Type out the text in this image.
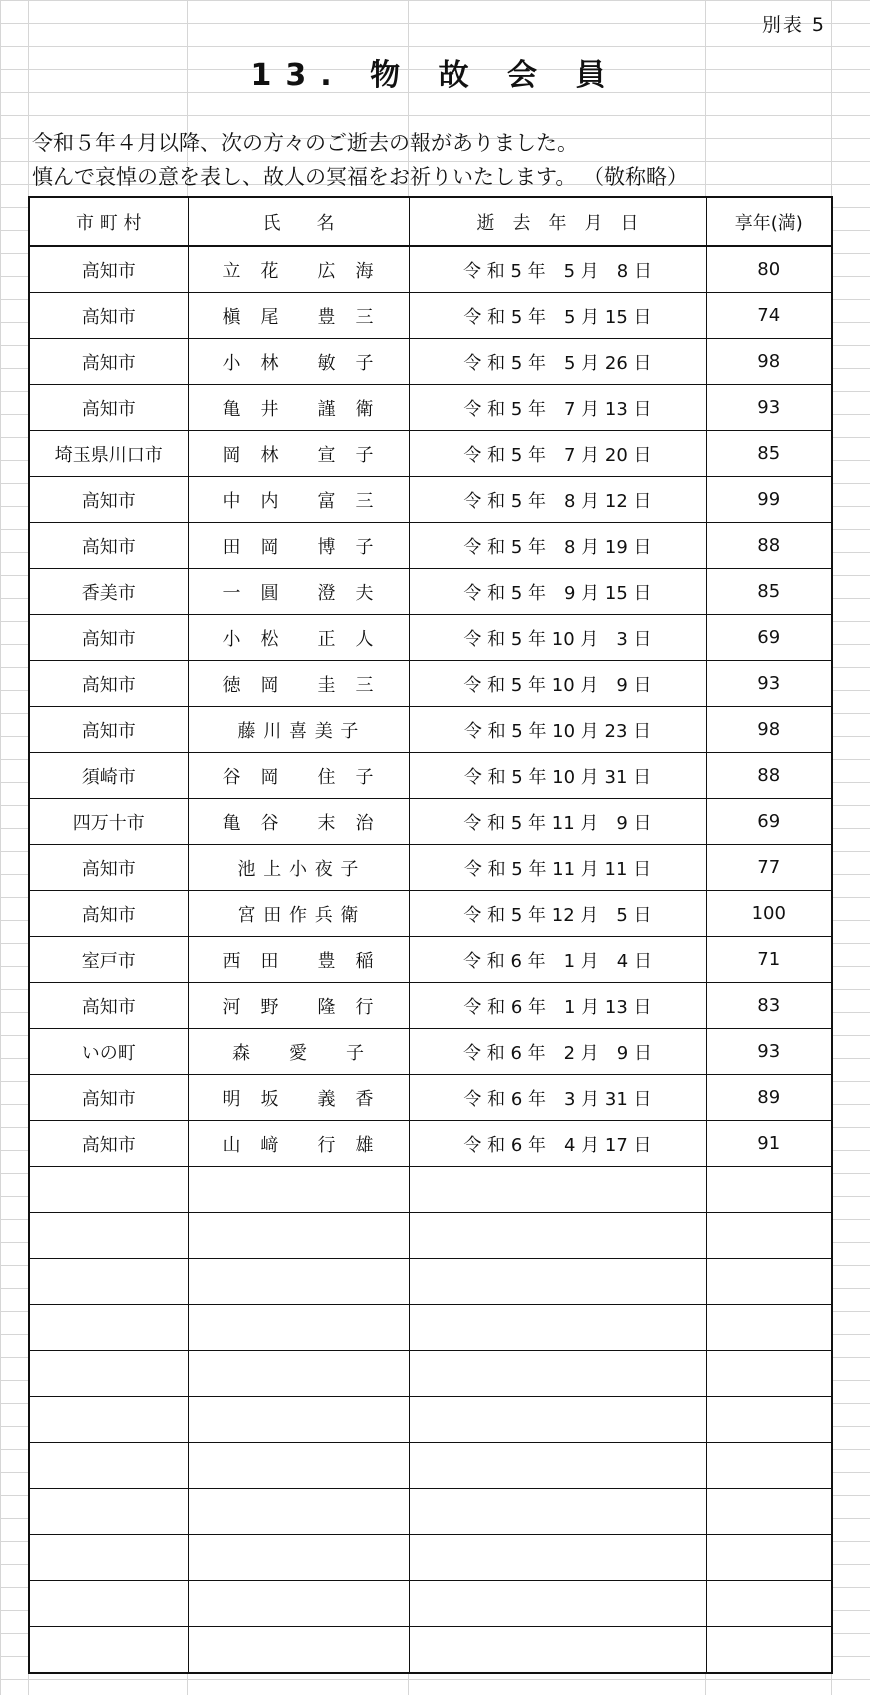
別表 5
13. 物 故 会 員
令和５年４月以降、次の方々のご逝去の報がありました。
慎んで哀悼の意を表し、故人の冥福をお祈りいたします。 （敬称略）
市 町 村	氏　　名	逝　去　年　月　日	享年(満)
高知市	立　花　　広　海	令 和 5 年　5 月　8 日	80
高知市	槇　尾　　豊　三	令 和 5 年　5 月 15 日	74
高知市	小　林　　敏　子	令 和 5 年　5 月 26 日	98
高知市	亀　井　　謹　衛	令 和 5 年　7 月 13 日	93
埼玉県川口市	岡　林　　宣　子	令 和 5 年　7 月 20 日	85
高知市	中　内　　富　三	令 和 5 年　8 月 12 日	99
高知市	田　岡　　博　子	令 和 5 年　8 月 19 日	88
香美市	一　圓　　澄　夫	令 和 5 年　9 月 15 日	85
高知市	小　松　　正　人	令 和 5 年 10 月　3 日	69
高知市	徳　岡　　圭　三	令 和 5 年 10 月　9 日	93
高知市	藤 川 喜 美 子	令 和 5 年 10 月 23 日	98
須崎市	谷　岡　　住　子	令 和 5 年 10 月 31 日	88
四万十市	亀　谷　　末　治	令 和 5 年 11 月　9 日	69
高知市	池 上 小 夜 子	令 和 5 年 11 月 11 日	77
高知市	宮 田 作 兵 衛	令 和 5 年 12 月　5 日	100
室戸市	西　田　　豊　稲	令 和 6 年　1 月　4 日	71
高知市	河　野　　隆　行	令 和 6 年　1 月 13 日	83
いの町	森　　愛　　子	令 和 6 年　2 月　9 日	93
高知市	明　坂　　義　香	令 和 6 年　3 月 31 日	89
高知市	山　﨑　　行　雄	令 和 6 年　4 月 17 日	91
